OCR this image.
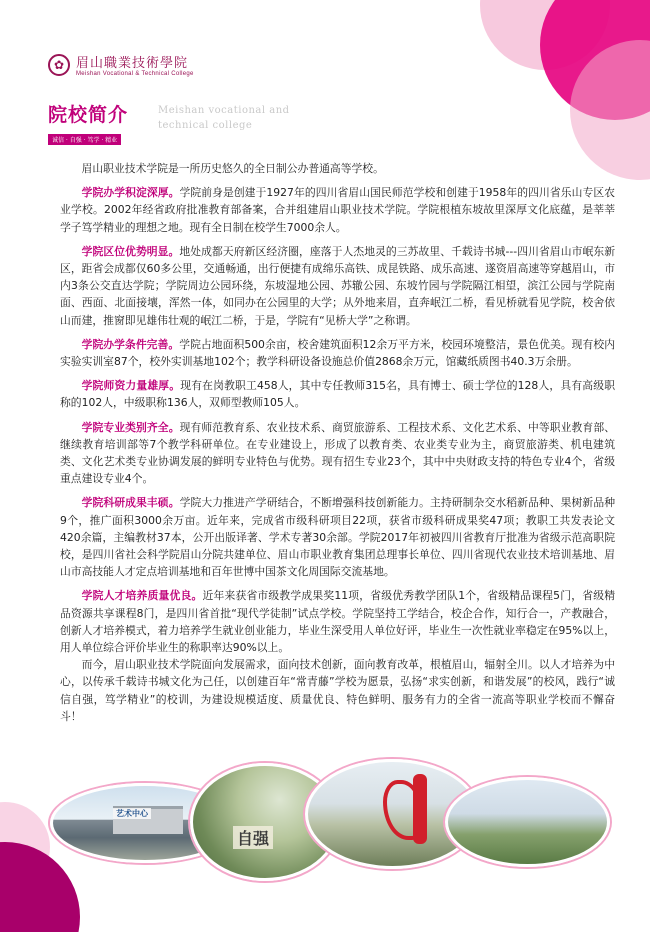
✿ 眉山職業技術學院
Meishan Vocational & Technical College
院校简介
诚信 · 自强 · 笃学 · 精业
Meishan vocational and technical college

眉山职业技术学院是一所历史悠久的全日制公办普通高等学校。

学院办学积淀深厚。学院前身是创建于1927年的四川省眉山国民师范学校和创建于1958年的四川省乐山专区农业学校。2002年经省政府批准教育部备案，合并组建眉山职业技术学院。学院根植东坡故里深厚文化底蕴，是莘莘学子笃学精业的理想之地。现有全日制在校学生7000余人。

学院区位优势明显。地处成都天府新区经济圈，座落于人杰地灵的三苏故里、千载诗书城---四川省眉山市岷东新区，距省会成都仅60多公里，交通畅通，出行便捷有成绵乐高铁、成昆铁路、成乐高速、遂资眉高速等穿越眉山，市内3条公交直达学院；学院周边公园环绕，东坡湿地公园、苏辙公园、东坡竹园与学院隔江相望，滨江公园与学院南面、西面、北面接壤，浑然一体，如同办在公园里的大学；从外地来眉，直奔岷江二桥，看见桥就看见学院，校舍依山而建，推窗即见雄伟壮观的岷江二桥，于是，学院有“见桥大学”之称谓。

学院办学条件完善。学院占地面积500余亩，校舍建筑面积12余万平方米，校园环境整洁，景色优美。现有校内实验实训室87个，校外实训基地102个；教学科研设备设施总价值2868余万元，馆藏纸质图书40.3万余册。

学院师资力量雄厚。现有在岗教职工458人，其中专任教师315名，具有博士、硕士学位的128人，具有高级职称的102人，中级职称136人，双师型教师105人。

学院专业类别齐全。现有师范教育系、农业技术系、商贸旅游系、工程技术系、文化艺术系、中等职业教育部、继续教育培训部等7个教学科研单位。在专业建设上，形成了以教育类、农业类专业为主，商贸旅游类、机电建筑类、文化艺术类专业协调发展的鲜明专业特色与优势。现有招生专业23个，其中中央财政支持的特色专业4个，省级重点建设专业4个。

学院科研成果丰硕。学院大力推进产学研结合，不断增强科技创新能力。主持研制杂交水稻新品种、果树新品种9个，推广面积3000余万亩。近年来，完成省市级科研项目22项，获省市级科研成果奖47项；教职工共发表论文420余篇，主编教材37本，公开出版译著、学术专著30余部。学院2017年初被四川省教育厅批准为省级示范高职院校，是四川省社会科学院眉山分院共建单位、眉山市职业教育集团总理事长单位、四川省现代农业技术培训基地、眉山市高技能人才定点培训基地和百年世博中国茶文化周国际交流基地。

学院人才培养质量优良。近年来获省市级教学成果奖11项，省级优秀教学团队1个，省级精品课程5门，省级精品资源共享课程8门，是四川省首批“现代学徒制”试点学校。学院坚持工学结合，校企合作，知行合一，产教融合，创新人才培养模式，着力培养学生就业创业能力，毕业生深受用人单位好评，毕业生一次性就业率稳定在95%以上，用人单位综合评价毕业生的称职率达90%以上。

而今，眉山职业技术学院面向发展需求，面向技术创新，面向教育改革，根植眉山，辐射全川。以人才培养为中心，以传承千载诗书城文化为己任，以创建百年“常青藤”学校为愿景，弘扬“求实创新，和谐发展”的校风，践行“诚信自强，笃学精业”的校训，为建设规模适度、质量优良、特色鲜明、服务有力的全省一流高等职业学校而不懈奋斗！

艺术中心
自强
